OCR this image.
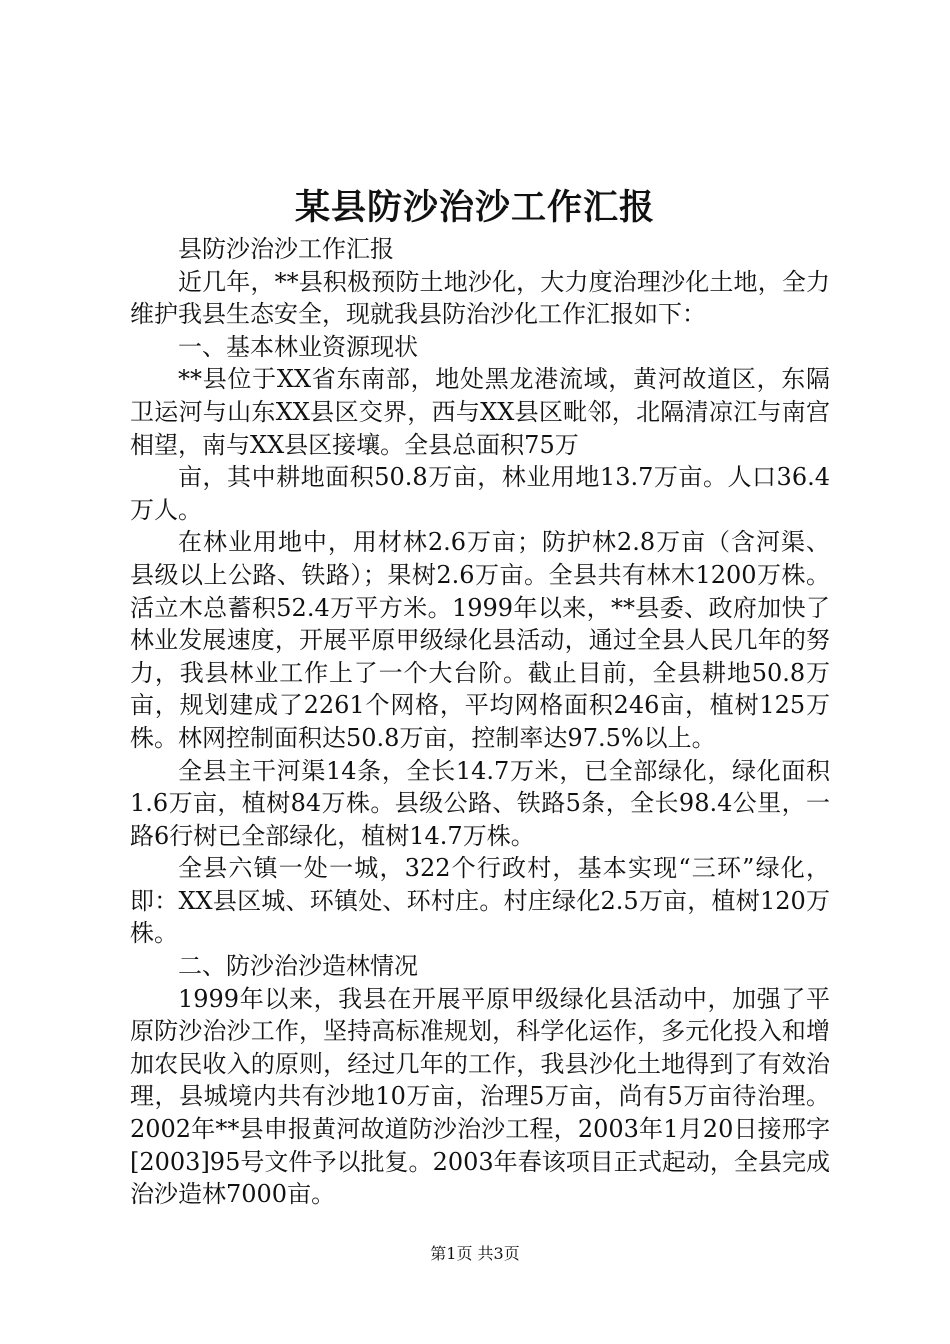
某县防沙治沙工作汇报

县防沙治沙工作汇报

近几年，**县积极预防土地沙化，大力度治理沙化土地，全力维护我县生态安全，现就我县防治沙化工作汇报如下：

一、基本林业资源现状

**县位于XX省东南部，地处黑龙港流域，黄河故道区，东隔卫运河与山东XX县区交界，西与XX县区毗邻，北隔清凉江与南宫相望，南与XX县区接壤。全县总面积75万

亩，其中耕地面积50.8万亩，林业用地13.7万亩。人口36.4万人。

在林业用地中，用材林2.6万亩；防护林2.8万亩（含河渠、县级以上公路、铁路）；果树2.6万亩。全县共有林木1200万株。活立木总蓄积52.4万平方米。1999年以来，**县委、政府加快了林业发展速度，开展平原甲级绿化县活动，通过全县人民几年的努力，我县林业工作上了一个大台阶。截止目前，全县耕地50.8万亩，规划建成了2261个网格，平均网格面积246亩，植树125万株。林网控制面积达50.8万亩，控制率达97.5%以上。

全县主干河渠14条，全长14.7万米，已全部绿化，绿化面积1.6万亩，植树84万株。县级公路、铁路5条，全长98.4公里，一路6行树已全部绿化，植树14.7万株。

全县六镇一处一城，322个行政村，基本实现“三环”绿化，即：XX县区城、环镇处、环村庄。村庄绿化2.5万亩，植树120万株。

二、防沙治沙造林情况

1999年以来，我县在开展平原甲级绿化县活动中，加强了平原防沙治沙工作，坚持高标准规划，科学化运作，多元化投入和增加农民收入的原则，经过几年的工作，我县沙化土地得到了有效治理，县城境内共有沙地10万亩，治理5万亩，尚有5万亩待治理。2002年**县申报黄河故道防沙治沙工程，2003年1月20日接邢字[2003]95号文件予以批复。2003年春该项目正式起动，全县完成治沙造林7000亩。

第1页 共3页
